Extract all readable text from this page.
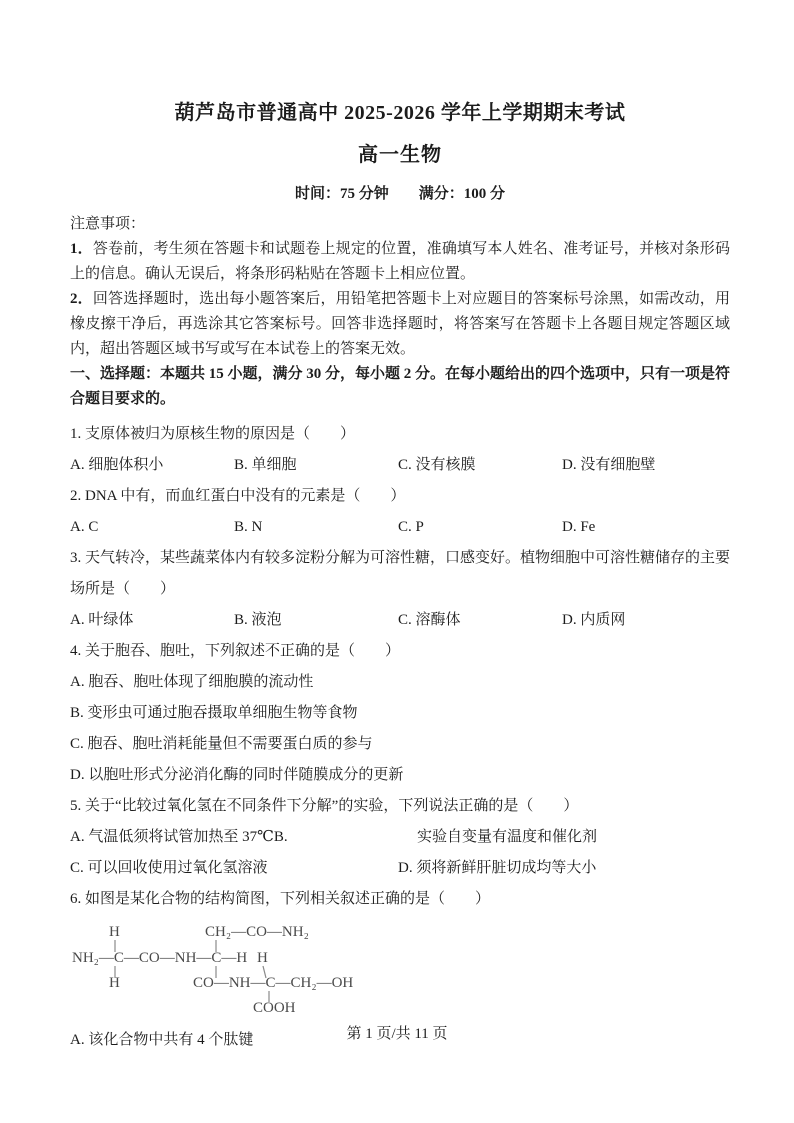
葫芦岛市普通高中 2025-2026 学年上学期期末考试
高一生物
时间：75 分钟 满分：100 分

注意事项：

1．答卷前，考生须在答题卡和试题卷上规定的位置，准确填写本人姓名、准考证号，并核对条形码上的信息。确认无误后，将条形码粘贴在答题卡上相应位置。

2．回答选择题时，选出每小题答案后，用铅笔把答题卡上对应题目的答案标号涂黑，如需改动，用橡皮擦干净后，再选涂其它答案标号。回答非选择题时，将答案写在答题卡上各题目规定答题区域内，超出答题区域书写或写在本试卷上的答案无效。

一、选择题：本题共 15 小题，满分 30 分，每小题 2 分。在每小题给出的四个选项中，只有一项是符合题目要求的。

1. 支原体被归为原核生物的原因是（　　）

A. 细胞体积小	B. 单细胞	C. 没有核膜	D. 没有细胞壁

2. DNA 中有，而血红蛋白中没有的元素是（　　）

A. C	B. N	C. P	D. Fe

3. 天气转冷，某些蔬菜体内有较多淀粉分解为可溶性糖，口感变好。植物细胞中可溶性糖储存的主要场所是（　　）

A. 叶绿体	B. 液泡	C. 溶酶体	D. 内质网

4. 关于胞吞、胞吐，下列叙述不正确的是（　　）

A. 胞吞、胞吐体现了细胞膜的流动性

B. 变形虫可通过胞吞摄取单细胞生物等食物

C. 胞吞、胞吐消耗能量但不需要蛋白质的参与

D. 以胞吐形式分泌消化酶的同时伴随膜成分的更新

5. 关于“比较过氧化氢在不同条件下分解”的实验，下列说法正确的是（　　）

A. 气温低须将试管加热至 37℃B.	实验自变量有温度和催化剂
C. 可以回收使用过氧化氢溶液	D. 须将新鲜肝脏切成均等大小

6. 如图是某化合物的结构简图，下列相关叙述正确的是（　　）

H	CH₂—CO—NH₂
NH₂—C—CO—NH—C—H H
H	CO—NH—C—CH₂—OH
COOH

A. 该化合物中共有 4 个肽键	第 1 页/共 11 页
